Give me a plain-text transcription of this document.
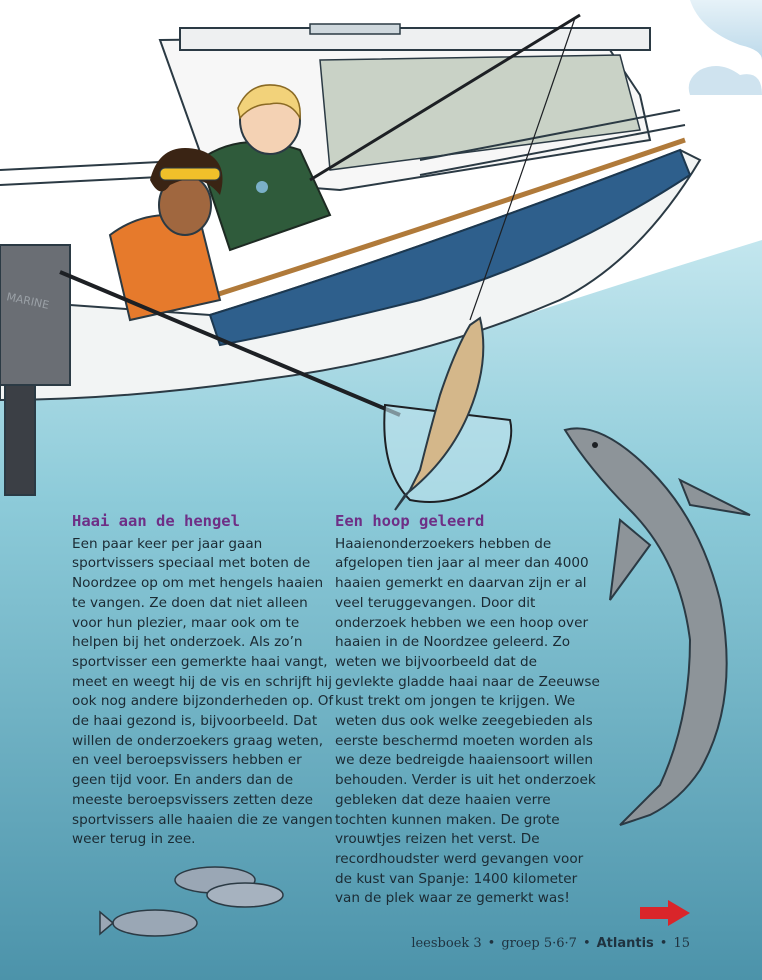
MARINE
Haai aan de hengel

Een paar keer per jaar gaan sportvissers speciaal met boten de Noordzee op om met hengels haaien te vangen. Ze doen dat niet alleen voor hun plezier, maar ook om te helpen bij het onderzoek. Als zo’n sportvisser een gemerkte haai vangt, meet en weegt hij de vis en schrijft hij ook nog andere bijzonderheden op. Of de haai gezond is, bijvoorbeeld. Dat willen de onderzoekers graag weten, en veel beroepsvissers hebben er geen tijd voor. En anders dan de meeste beroepsvissers zetten deze sportvissers alle haaien die ze vangen weer terug in zee.

Een hoop geleerd

Haaienonderzoekers hebben de afgelopen tien jaar al meer dan 4000 haaien gemerkt en daarvan zijn er al veel teruggevangen. Door dit onderzoek hebben we een hoop over haaien in de Noordzee geleerd. Zo weten we bijvoorbeeld dat de gevlekte gladde haai naar de Zeeuwse kust trekt om jongen te krijgen. We weten dus ook welke zeegebieden als eerste beschermd moeten worden als we deze bedreigde haaiensoort willen behouden. Verder is uit het onderzoek gebleken dat deze haaien verre tochten kunnen maken. De grote vrouwtjes reizen het verst. De recordhoudster werd gevangen voor de kust van Spanje: 1400 kilometer van de plek waar ze gemerkt was!

leesboek 3 • groep 5·6·7 • Atlantis • 15
